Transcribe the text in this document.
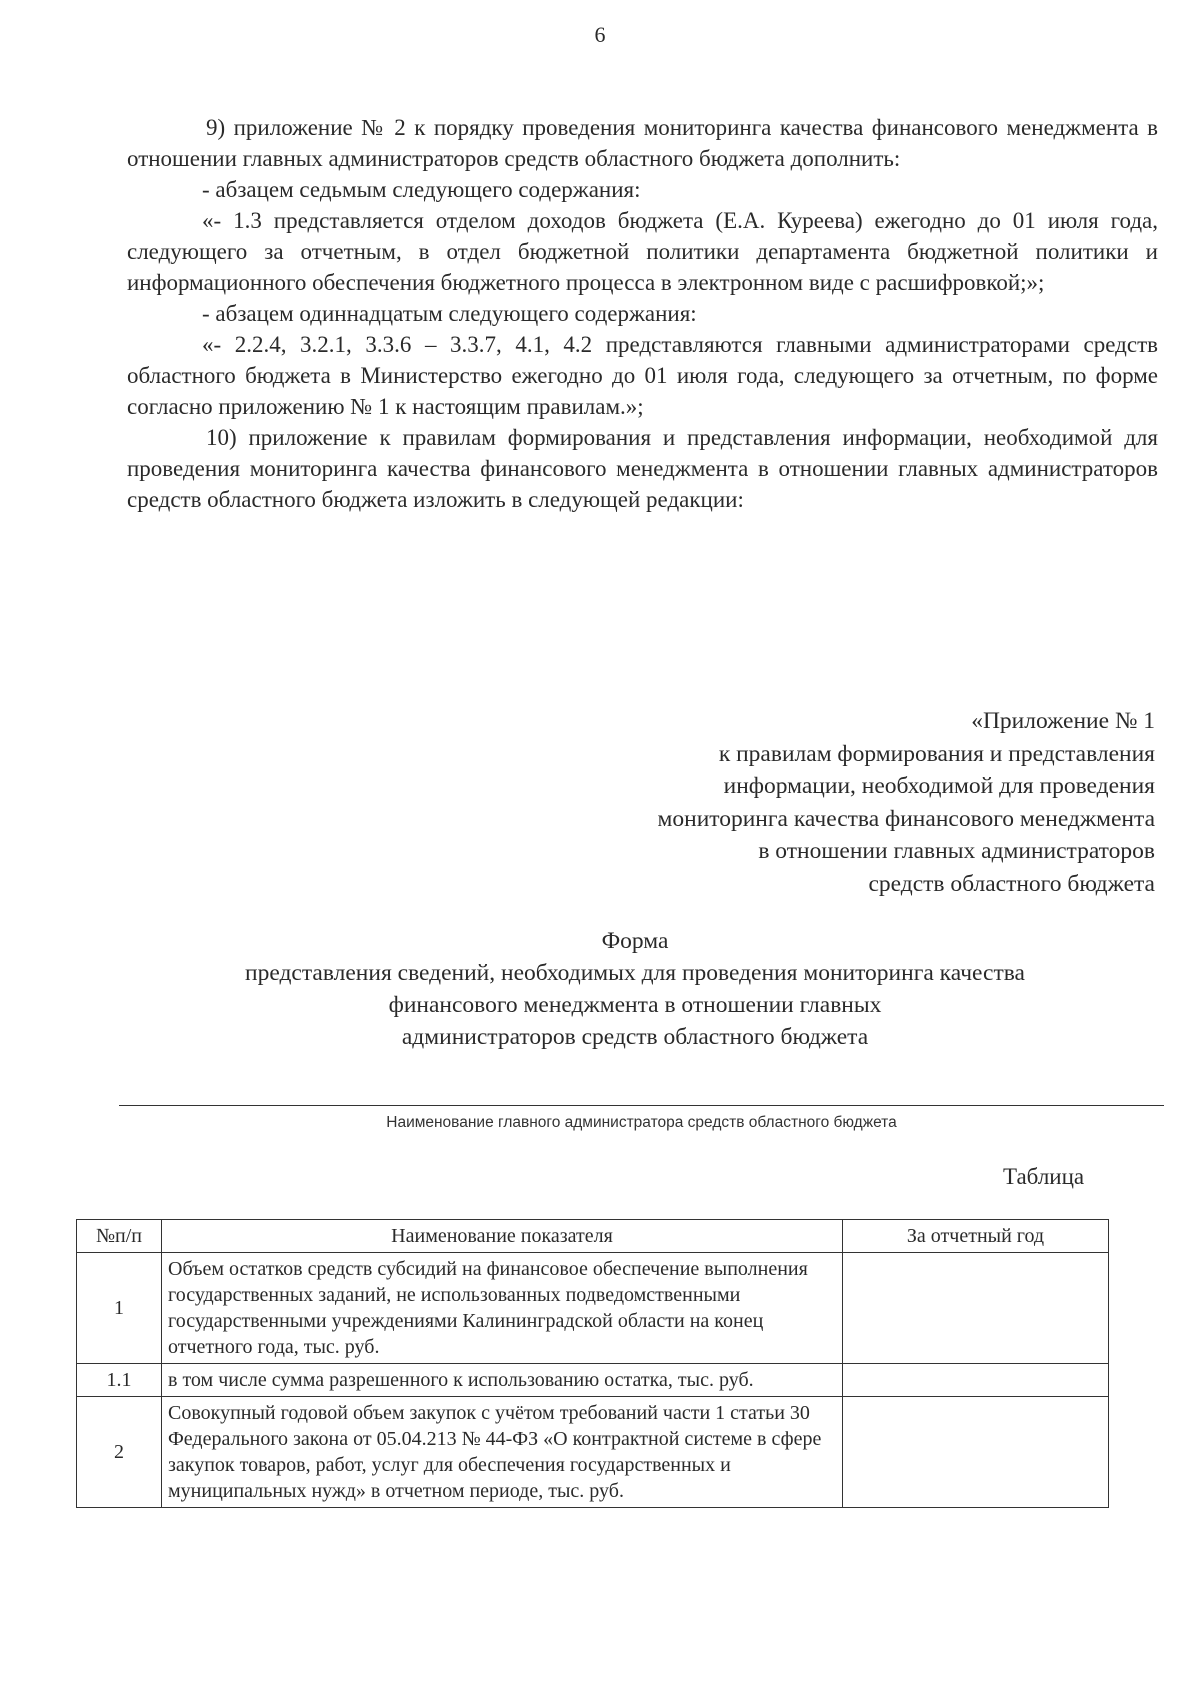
6

9) приложение № 2 к порядку проведения мониторинга качества финансового менеджмента в отношении главных администраторов средств областного бюджета дополнить:

- абзацем седьмым следующего содержания:

«- 1.3 представляется отделом доходов бюджета (Е.А. Куреева) ежегодно до 01 июля года, следующего за отчетным, в отдел бюджетной политики департамента бюджетной политики и информационного обеспечения бюджетного процесса в электронном виде с расшифровкой;»;

- абзацем одиннадцатым следующего содержания:

«- 2.2.4, 3.2.1, 3.3.6 – 3.3.7, 4.1, 4.2 представляются главными администраторами средств областного бюджета в Министерство ежегодно до 01 июля года, следующего за отчетным, по форме согласно приложению № 1 к настоящим правилам.»;

10) приложение к правилам формирования и представления информации, необходимой для проведения мониторинга качества финансового менеджмента в отношении главных администраторов средств областного бюджета изложить в следующей редакции:

«Приложение № 1
к правилам формирования и представления
информации, необходимой для проведения
мониторинга качества финансового менеджмента
в отношении главных администраторов
средств областного бюджета
Форма
представления сведений, необходимых для проведения мониторинга качества
финансового менеджмента в отношении главных
администраторов средств областного бюджета
Наименование главного администратора средств областного бюджета
Таблица
№п/п	Наименование показателя	За отчетный год
1	Объем остатков средств субсидий на финансовое обеспечение выполнения государственных заданий, не использованных подведомственными государственными учреждениями Калининградской области на конец отчетного года, тыс. руб.	
1.1	в том числе сумма разрешенного к использованию остатка, тыс. руб.	
2	Совокупный годовой объем закупок с учётом требований части 1 статьи 30 Федерального закона от 05.04.213 № 44-ФЗ «О контрактной системе в сфере закупок товаров, работ, услуг для обеспечения государственных и муниципальных нужд» в отчетном периоде, тыс. руб.	
